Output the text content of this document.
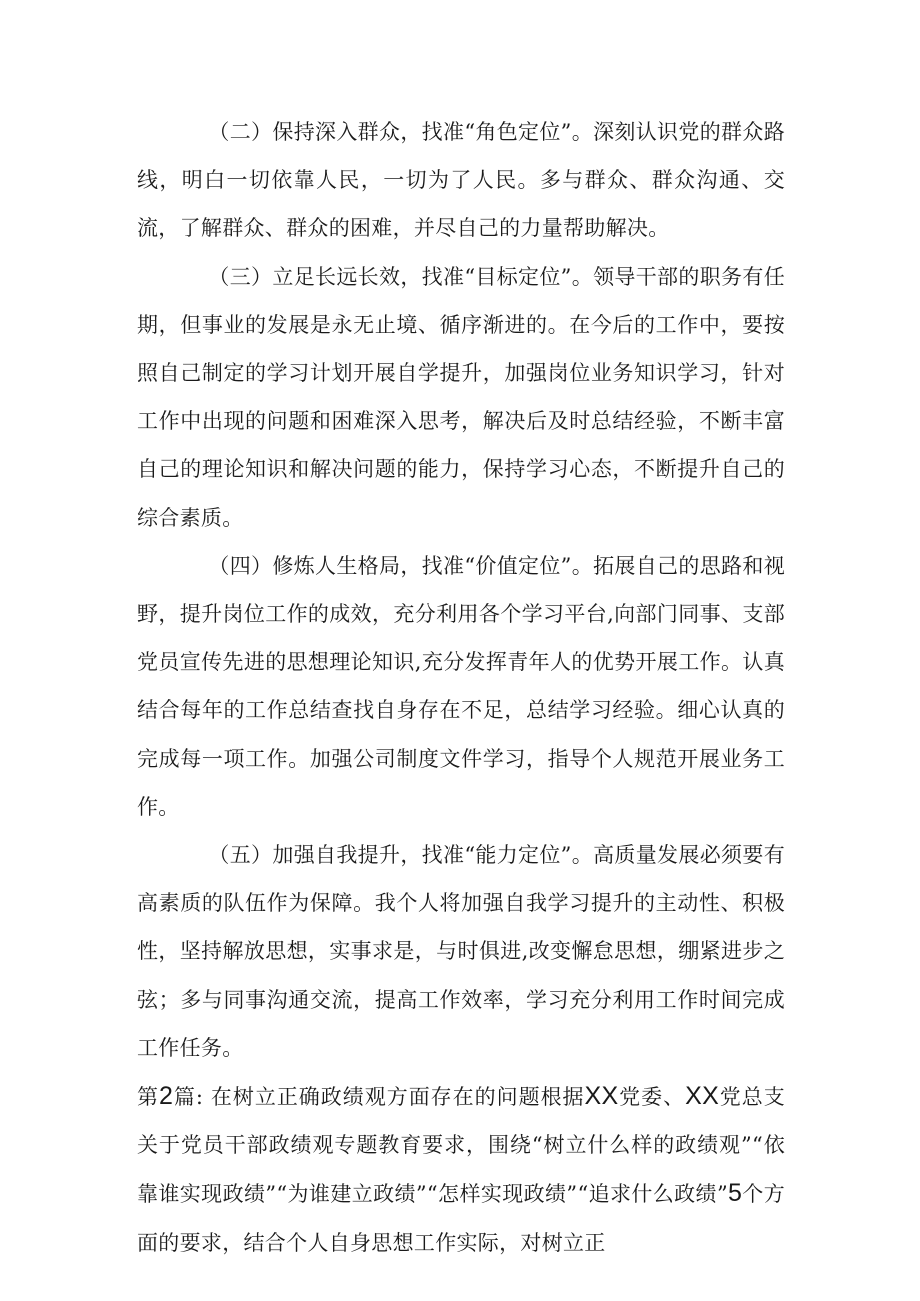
（二）保持深入群众，找准“角色定位”。深刻认识党的群众路线，明白一切依靠人民，一切为了人民。多与群众、群众沟通、交流，了解群众、群众的困难，并尽自己的力量帮助解决。

（三）立足长远长效，找准“目标定位”。领导干部的职务有任期，但事业的发展是永无止境、循序渐进的。在今后的工作中，要按照自己制定的学习计划开展自学提升，加强岗位业务知识学习，针对工作中出现的问题和困难深入思考，解决后及时总结经验，不断丰富自己的理论知识和解决问题的能力，保持学习心态，不断提升自己的综合素质。

（四）修炼人生格局，找准“价值定位”。拓展自己的思路和视野，提升岗位工作的成效，充分利用各个学习平台,向部门同事、支部党员宣传先进的思想理论知识,充分发挥青年人的优势开展工作。认真结合每年的工作总结查找自身存在不足，总结学习经验。细心认真的完成每一项工作。加强公司制度文件学习，指导个人规范开展业务工作。

（五）加强自我提升，找准“能力定位”。高质量发展必须要有高素质的队伍作为保障。我个人将加强自我学习提升的主动性、积极性，坚持解放思想，实事求是，与时俱进,改变懈怠思想，绷紧进步之弦；多与同事沟通交流，提高工作效率，学习充分利用工作时间完成工作任务。

第2篇: 在树立正确政绩观方面存在的问题根据XX党委、XX党总支关于党员干部政绩观专题教育要求，围绕“树立什么样的政绩观”“依靠谁实现政绩”“为谁建立政绩”“怎样实现政绩”“追求什么政绩”5个方面的要求，结合个人自身思想工作实际，对树立正
